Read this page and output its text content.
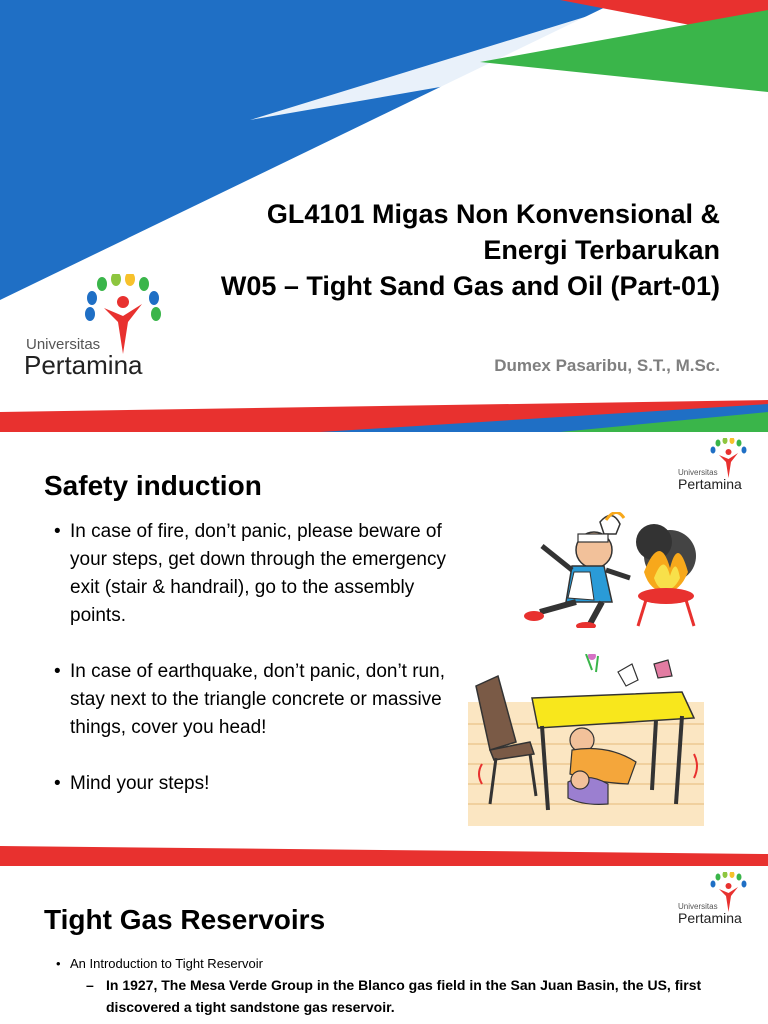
Universitas
Pertamina
GL4101 Migas Non Konvensional &
Energi Terbarukan
W05 – Tight Sand Gas and Oil (Part-01)
Dumex Pasaribu, S.T., M.Sc.
Safety induction	Universitas
Pertamina
• In case of fire, don’t panic, please beware of your steps, get down through the emergency exit (stair & handrail), go to the assembly points.
• In case of earthquake, don’t panic, don’t run, stay next to the triangle concrete or massive things, cover you head!
• Mind your steps!
Tight Gas Reservoirs	Universitas
Pertamina
• An Introduction to Tight Reservoir
– In 1927, The Mesa Verde Group in the Blanco gas field in the San Juan Basin, the US, first discovered a tight sandstone gas reservoir.
